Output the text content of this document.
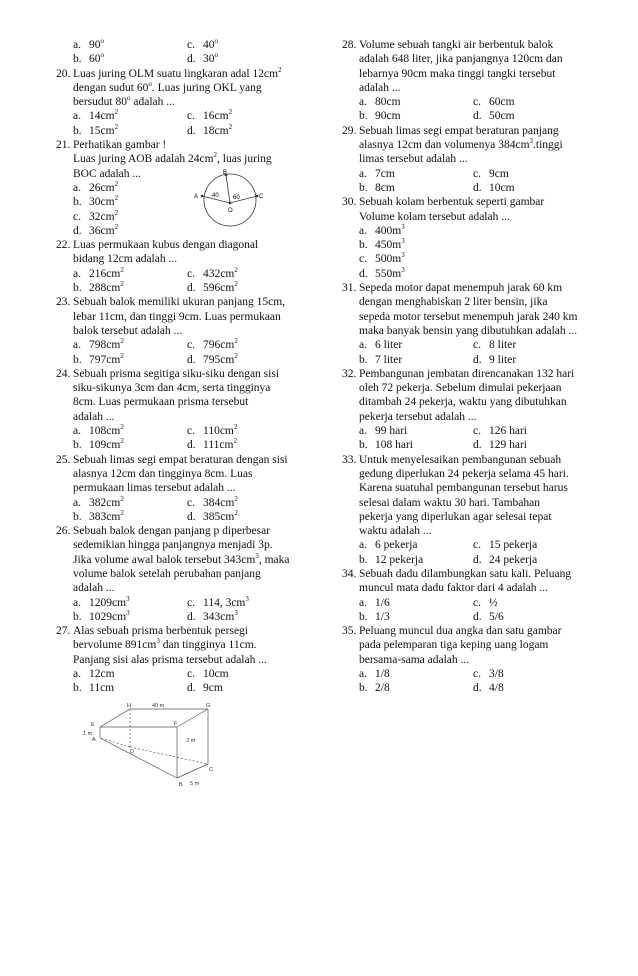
a. 90$^o$	c. 40$^o$
b. 60$^o$	d. 30$^o$
20. Luas juring OLM suatu lingkaran adal $12cm^2$
dengan sudut 60$^o$. Luas juring OKL yang
bersudut 80$^o$ adalah ...
a. $14cm^2$	c. $16cm^2$
b. $15cm^2$	d. $18cm^2$
21. Perhatikan gambar !
Luas juring AOB adalah $24cm^2$, luas juring
BOC adalah ...
a. $26cm^2$
b. $30cm^2$
c. $32cm^2$
d. $36cm^2$
22. Luas permukaan kubus dengan diagonal
bidang 12cm adalah ...
a. $216cm^2$	c. $432cm^2$
b. $288cm^2$	d. $596cm^2$
23. Sebuah balok memiliki ukuran panjang 15cm,
lebar 11cm, dan tinggi 9cm. Luas permukaan
balok tersebut adalah ...
a. $798cm^2$	c. $796cm^2$
b. $797cm^2$	d. $795cm^2$
24. Sebuah prisma segitiga siku-siku dengan sisi
siku-sikunya 3cm dan 4cm, serta tingginya
8cm. Luas permukaan prisma tersebut
adalah ...
a. $108cm^2$	c. $110cm^2$
b. $109cm^2$	d. $111cm^2$
25. Sebuah limas segi empat beraturan dengan sisi
alasnya 12cm dan tingginya 8cm. Luas
permukaan limas tersebut adalah ...
a. $382cm^2$	c. $384cm^2$
b. $383cm^2$	d. $385cm^2$
26. Sebuah balok dengan panjang p diperbesar
sedemikian hingga panjangnya menjadi 3p.
Jika volume awal balok tersebut $343cm^3$, maka
volume balok setelah perubahan panjang
adalah ...
a. $1209cm^3$	c. 114, $3cm^3$
b. $1029cm^3$	d. $343cm^3$
27. Alas sebuah prisma berbentuk persegi
bervolume $891cm^3$ dan tingginya 11cm.
Panjang sisi alas prisma tersebut adalah ...
a. 12cm	c. 10cm
b. 11cm	d. 9cm
28. Volume sebuah tangki air berbentuk balok
adalah 648 liter, jika panjangnya 120cm dan
lebarnya 90cm maka tinggi tangki tersebut
adalah ...
a. 80cm	c. 60cm
b. 90cm	d. 50cm
29. Sebuah limas segi empat beraturan panjang
alasnya 12cm dan volumenya $384cm^3.tinggi$
limas tersebut adalah ...
a. 7cm	c. 9cm
b. 8cm	d. 10cm
30. Sebuah kolam berbentuk seperti gambar
Volume kolam tersebut adalah ...
a. $400m^3$
b. $450m^3$
c. $500m^3$
d. $550m^3$
31. Sepeda motor dapat menempuh jarak 60 km
dengan menghabiskan 2 liter bensin, jika
sepeda motor tersebut menempuh jarak 240 km
maka banyak bensin yang dibutuhkan adalah ...
a. 6 liter	c. 8 liter
b. 7 liter	d. 9 liter
32. Pembangunan jembatan direncanakan 132 hari
oleh 72 pekerja. Sebelum dimulai pekerjaan
ditambah 24 pekerja, waktu yang dibutuhkan
pekerja tersebut adalah ...
a. 99 hari	c. 126 hari
b. 108 hari	d. 129 hari
33. Untuk menyelesaikan pembangunan sebuah
gedung diperlukan 24 pekerja selama 45 hari.
Karena suatuhal pembangunan tersebut harus
selesai dalam waktu 30 hari. Tambahan
pekerja yang diperlukan agar selesai tepat
waktu adalah ...
a. 6 pekerja	c. 15 pekerja
b. 12 pekerja	d. 24 pekerja
34. Sebuah dadu dilambungkan satu kali. Peluang
muncul mata dadu faktor dari 4 adalah ...
a. 1/6	c. ½
b. 1/3	d. 5/6
35. Peluang muncul dua angka dan satu gambar
pada pelemparan tiga keping uang logam
bersama-sama adalah ...
a. 1/8	c. 3/8
b. 2/8	d. 4/8
A
B
C
O
40 60
H	G
E	F
D
A
B
C
40 m
1 m
3 m
5 m
